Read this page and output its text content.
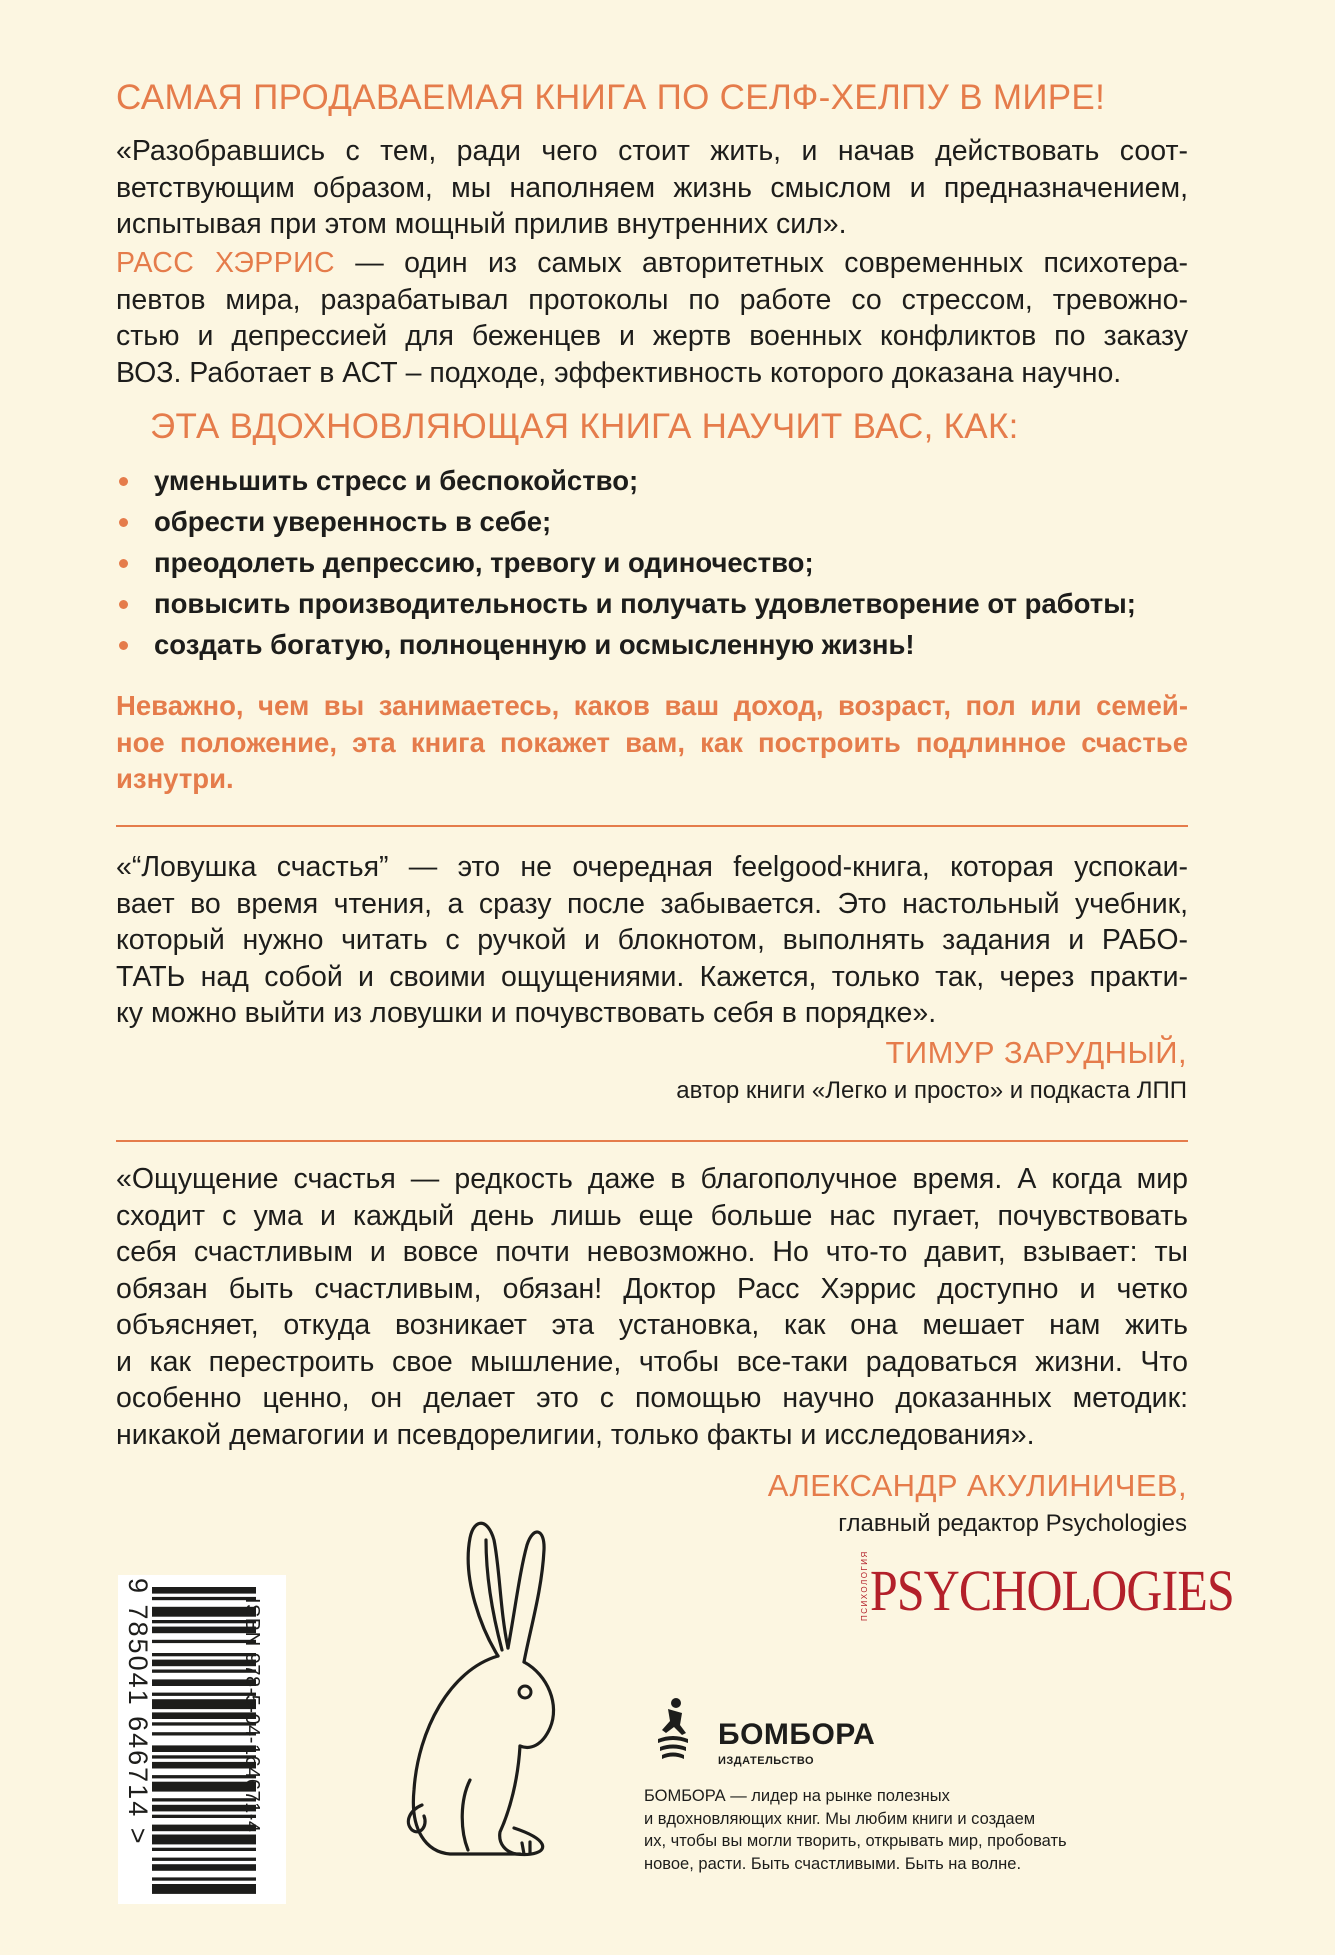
САМАЯ ПРОДАВАЕМАЯ КНИГА ПО СЕЛФ-ХЕЛПУ В МИРЕ!
«Разобравшись с тем, ради чего стоит жить, и начав действовать соот-
ветствующим образом, мы наполняем жизнь смыслом и предназначением,
испытывая при этом мощный прилив внутренних сил».
РАСС ХЭРРИС — один из самых авторитетных современных психотера-
певтов мира, разрабатывал протоколы по работе со стрессом, тревожно-
стью и депрессией для беженцев и жертв военных конфликтов по заказу
ВОЗ. Работает в АСТ – подходе, эффективность которого доказана научно.
ЭТА ВДОХНОВЛЯЮЩАЯ КНИГА НАУЧИТ ВАС, КАК:
уменьшить стресс и беспокойство;
обрести уверенность в себе;
преодолеть депрессию, тревогу и одиночество;
повысить производительность и получать удовлетворение от работы;
создать богатую, полноценную и осмысленную жизнь!
Неважно, чем вы занимаетесь, каков ваш доход, возраст, пол или семей-
ное положение, эта книга покажет вам, как построить подлинное счастье
изнутри.
«“Ловушка счастья” — это не очередная feelgood-книга, которая успокаи-
вает во время чтения, а сразу после забывается. Это настольный учебник,
который нужно читать с ручкой и блокнотом, выполнять задания и РАБО-
ТАТЬ над собой и своими ощущениями. Кажется, только так, через практи-
ку можно выйти из ловушки и почувствовать себя в порядке».
ТИМУР ЗАРУДНЫЙ,
автор книги «Легко и просто» и подкаста ЛПП
«Ощущение счастья — редкость даже в благополучное время. А когда мир
сходит с ума и каждый день лишь еще больше нас пугает, почувствовать
себя счастливым и вовсе почти невозможно. Но что-то давит, взывает: ты
обязан быть счастливым, обязан! Доктор Расс Хэррис доступно и четко
объясняет, откуда возникает эта установка, как она мешает нам жить
и как перестроить свое мышление, чтобы все-таки радоваться жизни. Что
особенно ценно, он делает это с помощью научно доказанных методик:
никакой демагогии и псевдорелигии, только факты и исследования».
АЛЕКСАНДР АКУЛИНИЧЕВ,
главный редактор Psychologies
9 785041 646714 >	ISBN 978-5-04-164671-4
ПСИХОЛОГИЯ PSYCHOLOGIES
БОМБОРА
ИЗДАТЕЛЬСТВО
БОМБОРА — лидер на рынке полезных
и вдохновляющих книг. Мы любим книги и создаем
их, чтобы вы могли творить, открывать мир, пробовать
новое, расти. Быть счастливыми. Быть на волне.
